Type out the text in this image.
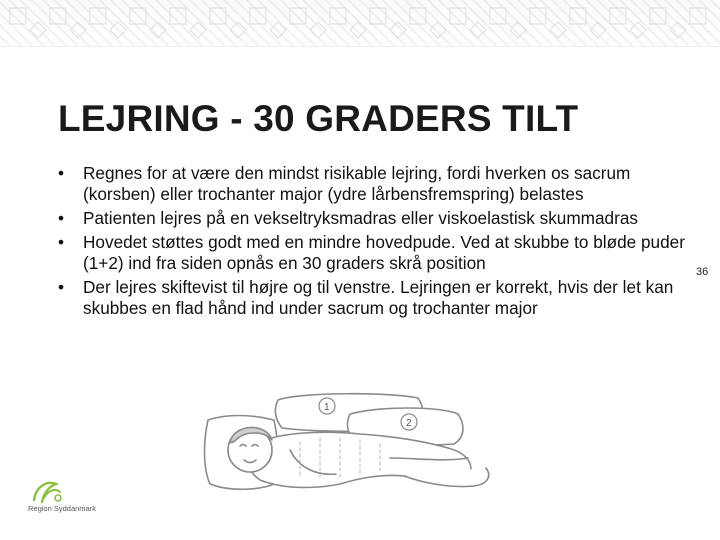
LEJRING - 30 GRADERS TILT
• Regnes for at være den mindst risikable lejring, fordi hverken os sacrum (korsben) eller trochanter major (ydre lårbensfremspring) belastes
• Patienten lejres på en vekseltryksmadras eller viskoelastisk skummadras
• Hovedet støttes godt med en mindre hovedpude. Ved at skubbe to bløde puder (1+2) ind fra siden opnås en 30 graders skrå position
• Der lejres skiftevist til højre og til venstre. Lejringen er korrekt, hvis der let kan skubbes en flad hånd ind under sacrum og trochanter major
36
1
2
Region Syddanmark
